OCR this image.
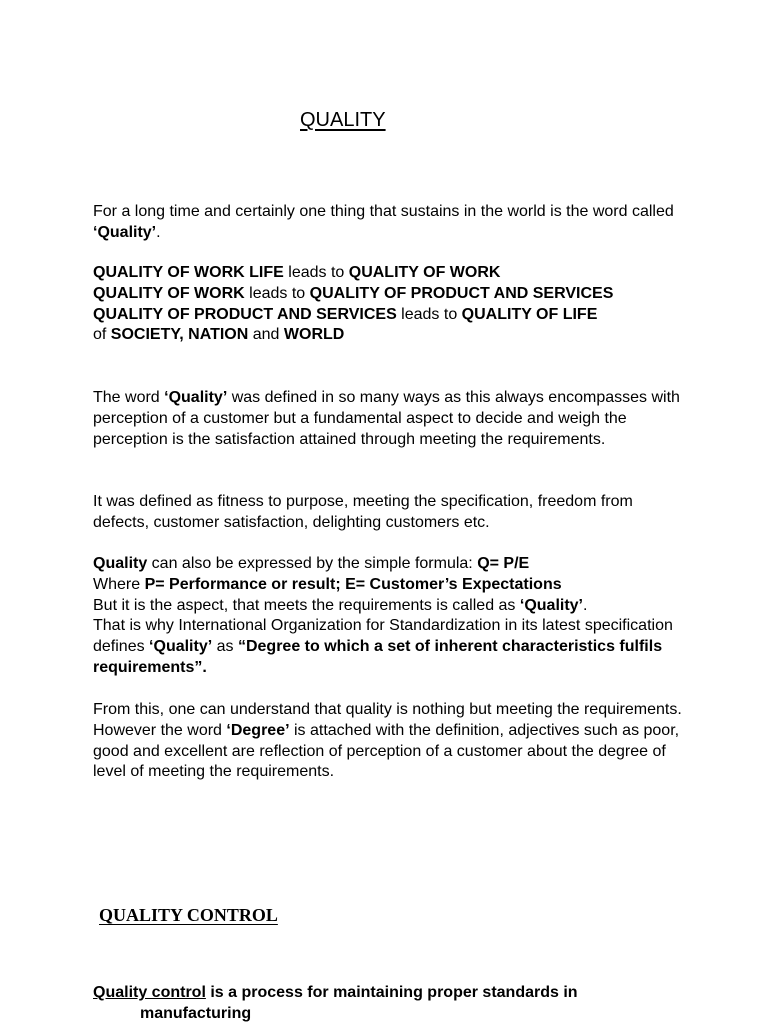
QUALITY

For a long time and certainly one thing that sustains in the world is the word called ‘Quality’.

QUALITY OF WORK LIFE leads to QUALITY OF WORK

QUALITY OF WORK leads to QUALITY OF PRODUCT AND SERVICES

QUALITY OF PRODUCT AND SERVICES leads to QUALITY OF LIFE

of SOCIETY, NATION and WORLD

The word ‘Quality’ was defined in so many ways as this always encompasses with perception of a customer but a fundamental aspect to decide and weigh the perception is the satisfaction attained through meeting the requirements.

It was defined as fitness to purpose, meeting the specification, freedom from defects, customer satisfaction, delighting customers etc.

Quality can also be expressed by the simple formula: Q= P/E

Where P= Performance or result; E= Customer’s Expectations

But it is the aspect, that meets the requirements is called as ‘Quality’.

That is why International Organization for Standardization in its latest specification defines ‘Quality’ as “Degree to which a set of inherent characteristics fulfils requirements”.

From this, one can understand that quality is nothing but meeting the requirements. However the word ‘Degree’ is attached with the definition, adjectives such as poor, good and excellent are reflection of perception of a customer about the degree of level of meeting the requirements.

QUALITY CONTROL
Quality control is a process for maintaining proper standards in
manufacturing
